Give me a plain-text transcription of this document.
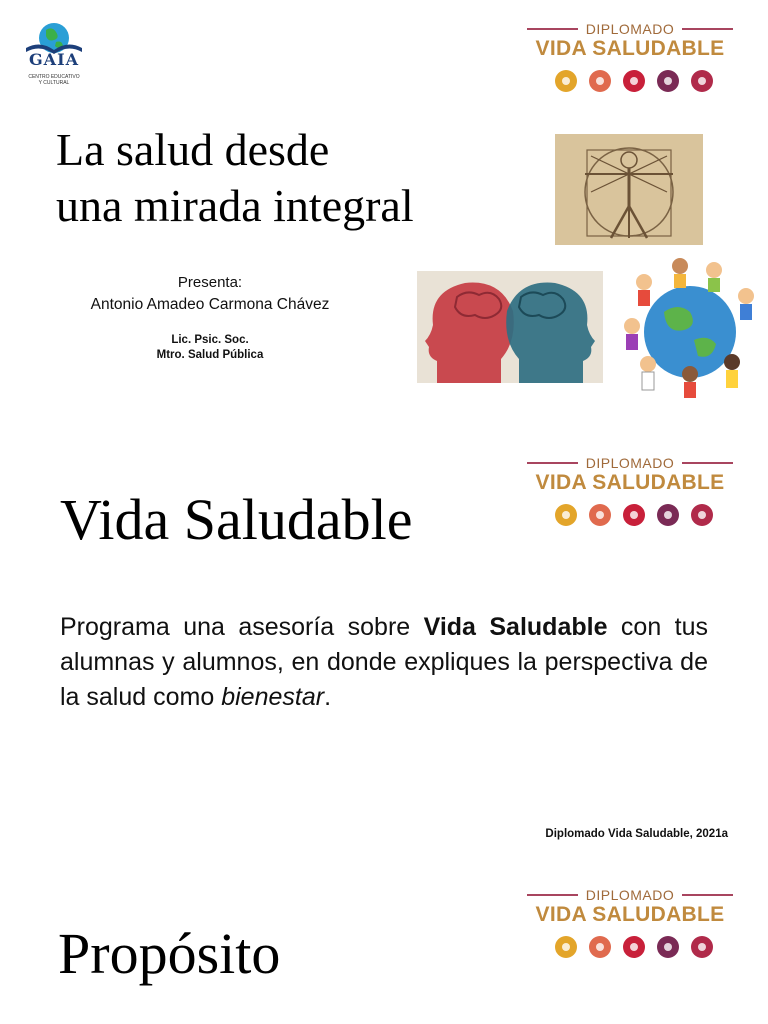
GAIA
CENTRO EDUCATIVO
Y CULTURAL
DIPLOMADO
VIDA SALUDABLE
La salud desde
una mirada integral
Presenta:
Antonio Amadeo Carmona Chávez
Lic. Psic. Soc.
Mtro. Salud Pública
DIPLOMADO
VIDA SALUDABLE
Vida Saludable
Programa una asesoría sobre Vida Saludable con tus alumnas y alumnos, en donde expliques la perspectiva de la salud como bienestar.
Diplomado Vida Saludable, 2021a
DIPLOMADO
VIDA SALUDABLE
Propósito
